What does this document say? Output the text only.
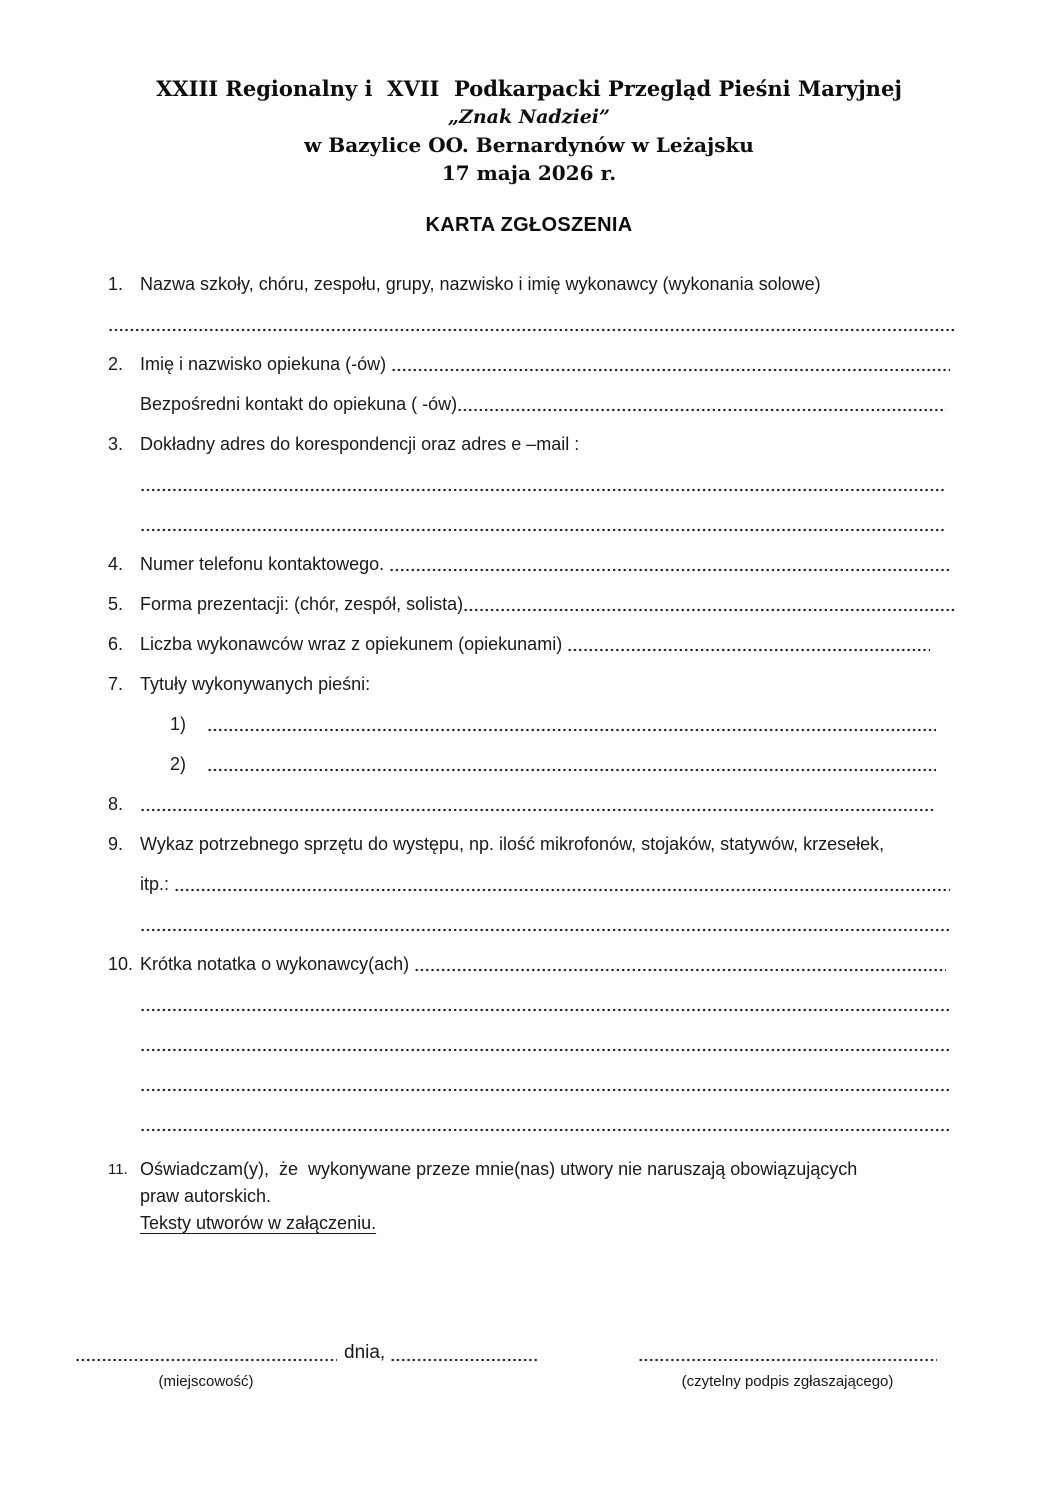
XXIII Regionalny i  XVII  Podkarpacki Przegląd Pieśni Maryjnej
„Znak Nadziei”
w Bazylice OO. Bernardynów w Leżajsku
17 maja 2026 r.
KARTA ZGŁOSZENIA
1. Nazwa szkoły, chóru, zespołu, grupy, nazwisko i imię wykonawcy (wykonania solowe)
2. Imię i nazwisko opiekuna (-ów)
Bezpośredni kontakt do opiekuna ( -ów)
3. Dokładny adres do korespondencji oraz adres e –mail :
4. Numer telefonu kontaktowego.
5. Forma prezentacji: (chór, zespół, solista)
6. Liczba wykonawców wraz z opiekunem (opiekunami)
7. Tytuły wykonywanych pieśni:
1)
2)
8.
9. Wykaz potrzebnego sprzętu do występu, np. ilość mikrofonów, stojaków, statywów, krzesełek,
itp.:
10. Krótka notatka o wykonawcy(ach)
11. Oświadczam(y),  że  wykonywane przeze mnie(nas) utwory nie naruszają obowiązujących
praw autorskich.
Teksty utworów w załączeniu.
dnia,
(miejscowość)	(czytelny podpis zgłaszającego)
